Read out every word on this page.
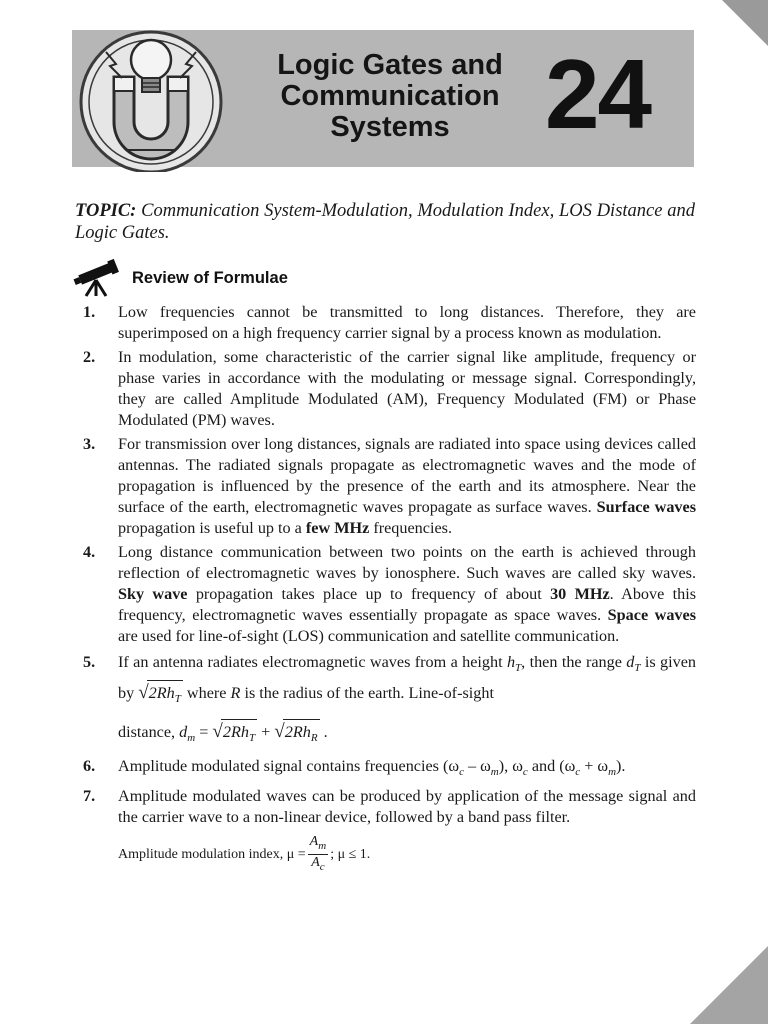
Logic Gates and
Communication
Systems 24
TOPIC: Communication System-Modulation, Modulation Index, LOS Distance and Logic Gates.
Review of Formulae
1. Low frequencies cannot be transmitted to long distances. Therefore, they are superimposed on a high frequency carrier signal by a process known as modulation.
2. In modulation, some characteristic of the carrier signal like amplitude, frequency or phase varies in accordance with the modulating or message signal. Correspondingly, they are called Amplitude Modulated (AM), Frequency Modulated (FM) or Phase Modulated (PM) waves.
3. For transmission over long distances, signals are radiated into space using devices called antennas. The radiated signals propagate as electromagnetic waves and the mode of propagation is influenced by the presence of the earth and its atmosphere. Near the surface of the earth, electromagnetic waves propagate as surface waves. Surface waves propagation is useful up to a few MHz frequencies.
4. Long distance communication between two points on the earth is achieved through reflection of electromagnetic waves by ionosphere. Such waves are called sky waves. Sky wave propagation takes place up to frequency of about 30 MHz. Above this frequency, electromagnetic waves essentially propagate as space waves. Space waves are used for line-of-sight (LOS) communication and satellite communication.
5. If an antenna radiates electromagnetic waves from a height $h_T$, then the range $d_T$ is given by $√2Rh_T$ where R is the radius of the earth. Line-of-sight
distance, $d_m = √2Rh_T + √2Rh_R$ .
6. Amplitude modulated signal contains frequencies $(\omega_c - \omega_m)$, $\omega_c$ and $(\omega_c + \omega_m)$.
7. Amplitude modulated waves can be produced by application of the message signal and the carrier wave to a non-linear device, followed by a band pass filter.
Amplitude modulation index, $\mu = \frac{A_m}{A_c}$ ; μ ≤ 1.
